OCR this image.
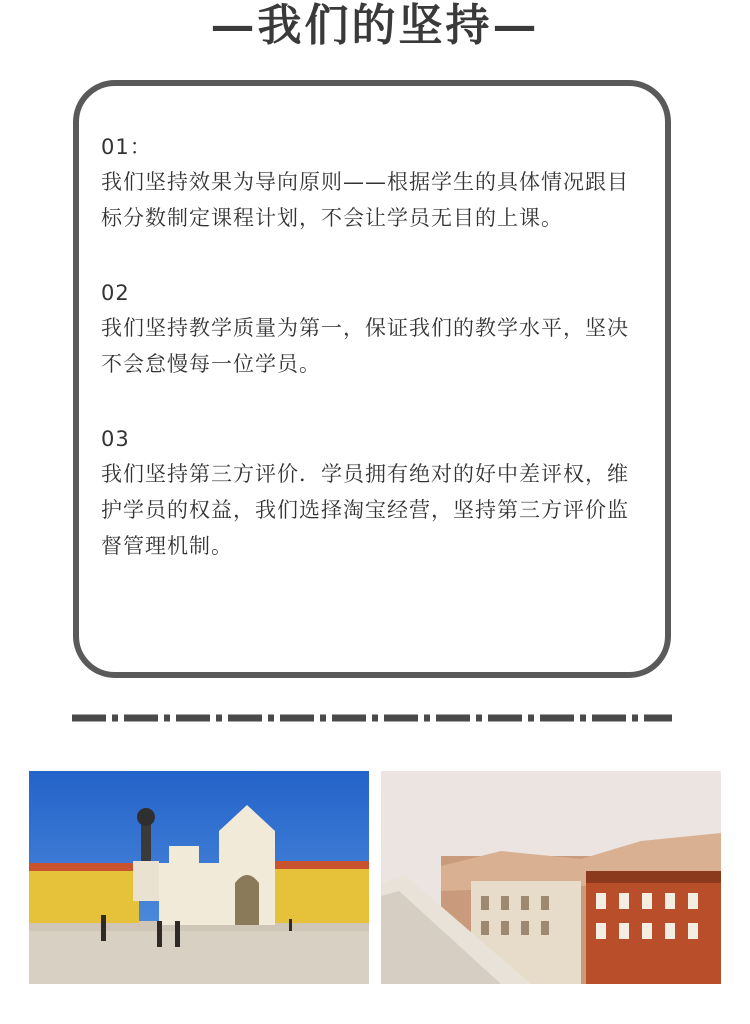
—我们的坚持—
01：
我们坚持效果为导向原则——根据学生的具体情况跟目标分数制定课程计划，不会让学员无目的上课。
02
我们坚持教学质量为第一，保证我们的教学水平，坚决不会怠慢每一位学员。
03
我们坚持第三方评价．学员拥有绝对的好中差评权，维护学员的权益，我们选择淘宝经营，坚持第三方评价监督管理机制。
